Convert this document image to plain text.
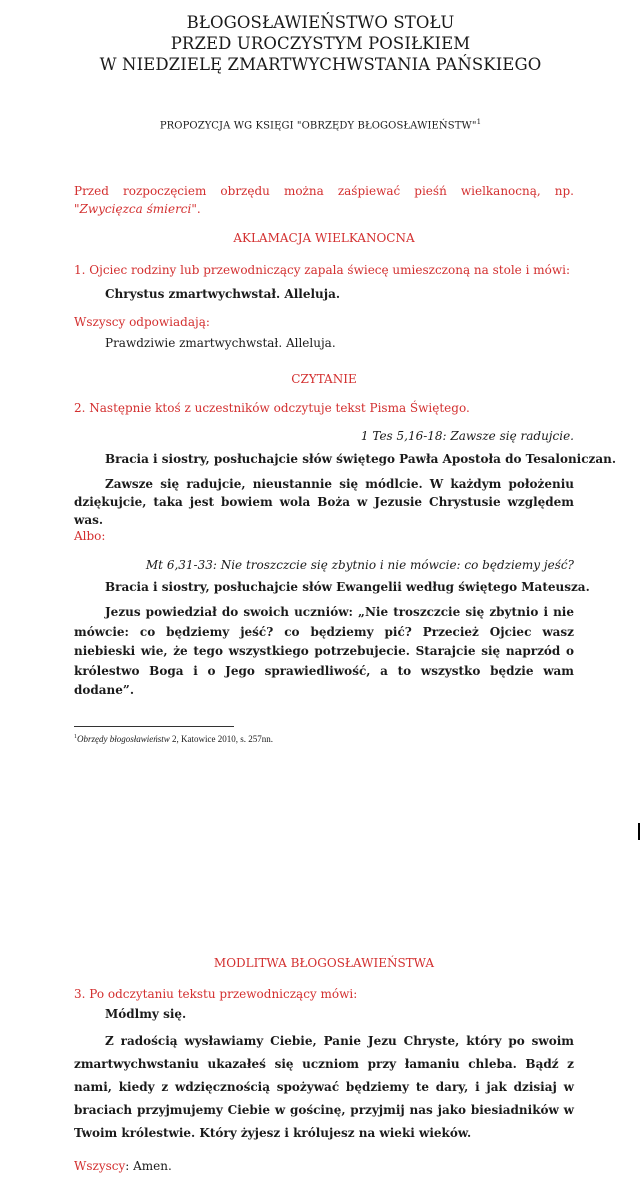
BŁOGOSŁAWIEŃSTWO STOŁU
PRZED UROCZYSTYM POSIŁKIEM
W NIEDZIELĘ ZMARTWYCHWSTANIA PAŃSKIEGO
PROPOZYCJA WG KSIĘGI "OBRZĘDY BŁOGOSŁAWIEŃSTW"$^1$
Przed rozpoczęciem obrzędu można zaśpiewać pieśń wielkanocną, np. "Zwycięzca śmierci".
AKLAMACJA WIELKANOCNA
1. Ojciec rodziny lub przewodniczący zapala świecę umieszczoną na stole i mówi:
Chrystus zmartwychwstał. Alleluja.
Wszyscy odpowiadają:
Prawdziwie zmartwychwstał. Alleluja.
CZYTANIE
2. Następnie ktoś z uczestników odczytuje tekst Pisma Świętego.
1 Tes 5,16-18: Zawsze się radujcie.
Bracia i siostry, posłuchajcie słów świętego Pawła Apostoła do Tesaloniczan.
Zawsze się radujcie, nieustannie się módlcie. W każdym położeniu dziękujcie, taka jest bowiem wola Boża w Jezusie Chrystusie względem was.
Albo:
Mt 6,31-33: Nie troszczcie się zbytnio i nie mówcie: co będziemy jeść?
Bracia i siostry, posłuchajcie słów Ewangelii według świętego Mateusza.
Jezus powiedział do swoich uczniów: „Nie troszczcie się zbytnio i nie mówcie: co będziemy jeść? co będziemy pić? Przecież Ojciec wasz niebieski wie, że tego wszystkiego potrzebujecie. Starajcie się naprzód o królestwo Boga i o Jego sprawiedliwość, a to wszystko będzie wam dodane”.
$^1$Obrzędy błogosławieństw 2, Katowice 2010, s. 257nn.
MODLITWA BŁOGOSŁAWIEŃSTWA
3. Po odczytaniu tekstu przewodniczący mówi:
Módlmy się.
Z radością wysławiamy Ciebie, Panie Jezu Chryste, który po swoim zmartwychwstaniu ukazałeś się uczniom przy łamaniu chleba. Bądź z nami, kiedy z wdzięcznością spożywać będziemy te dary, i jak dzisiaj w braciach przyjmujemy Ciebie w gościnę, przyjmij nas jako biesiadników w Twoim królestwie. Który żyjesz i królujesz na wieki wieków.
Wszyscy: Amen.
